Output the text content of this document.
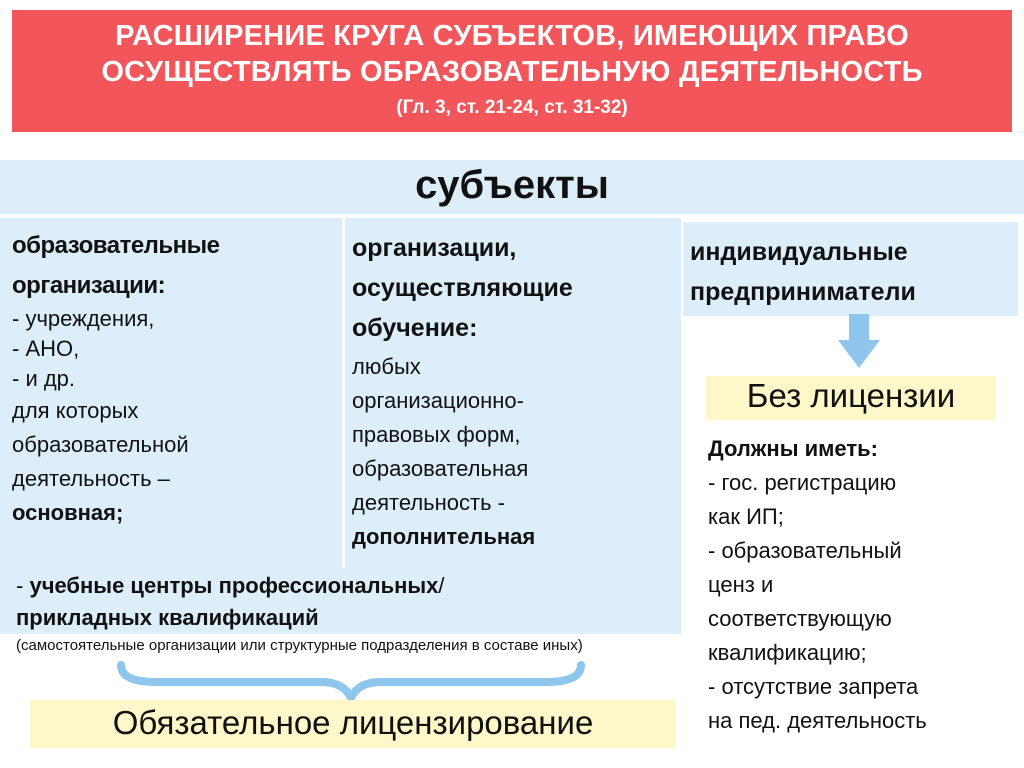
РАСШИРЕНИЕ КРУГА СУБЪЕКТОВ, ИМЕЮЩИХ ПРАВО
ОСУЩЕСТВЛЯТЬ ОБРАЗОВАТЕЛЬНУЮ ДЕЯТЕЛЬНОСТЬ
(Гл. 3, ст. 21-24, ст. 31-32)
субъекты
образовательные
организации:
- учреждения,
- АНО,
- и др.
для которых
образовательной
деятельность –
основная;
организации,
осуществляющие
обучение:
любых
организационно-
правовых форм,
образовательная
деятельность -
дополнительная
- учебные центры профессиональных/
прикладных квалификаций
(самостоятельные организации или структурные подразделения в составе иных)
индивидуальные
предприниматели
Без лицензии
Должны иметь:
- гос. регистрацию
как ИП;
- образовательный
ценз и
соответствующую
квалификацию;
- отсутствие запрета
на пед. деятельность
Обязательное лицензирование
